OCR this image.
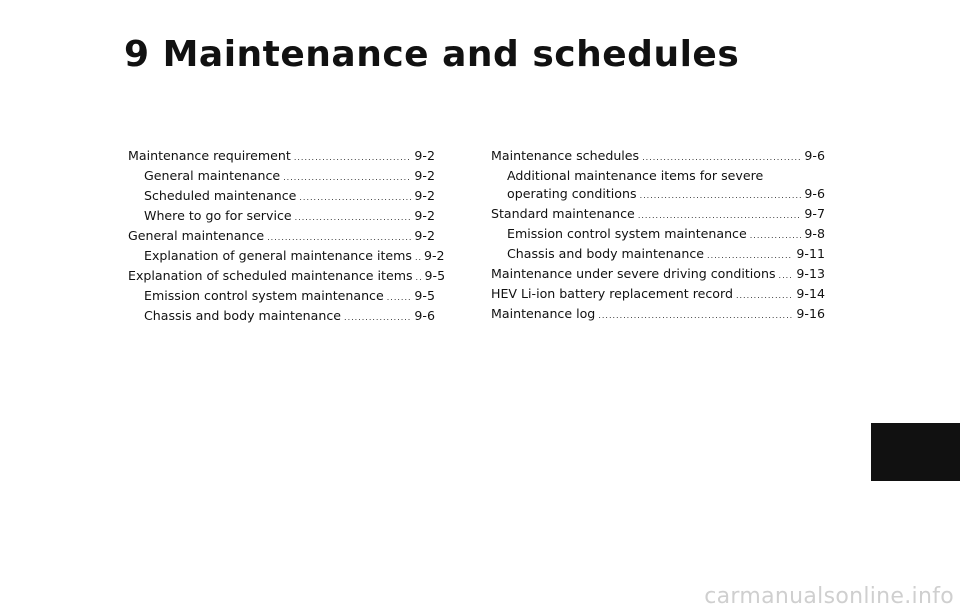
9 Maintenance and schedules
Maintenance requirement .....	9-2
General maintenance .....	9-2
Scheduled maintenance .....	9-2
Where to go for service .....	9-2
General maintenance .....	9-2
Explanation of general maintenance items ..... 9-2
Explanation of scheduled maintenance items ..... 9-5
Emission control system maintenance ..... 9-5
Chassis and body maintenance .....	9-6
Maintenance schedules .....	9-6
Additional maintenance items for severe
operating conditions .....	9-6
Standard maintenance .....	9-7
Emission control system maintenance .....	9-8
Chassis and body maintenance .....	9-11
Maintenance under severe driving conditions ..... 9-13
HEV Li-ion battery replacement record .....	9-14
Maintenance log .....	9-16
carmanualsonline.info
